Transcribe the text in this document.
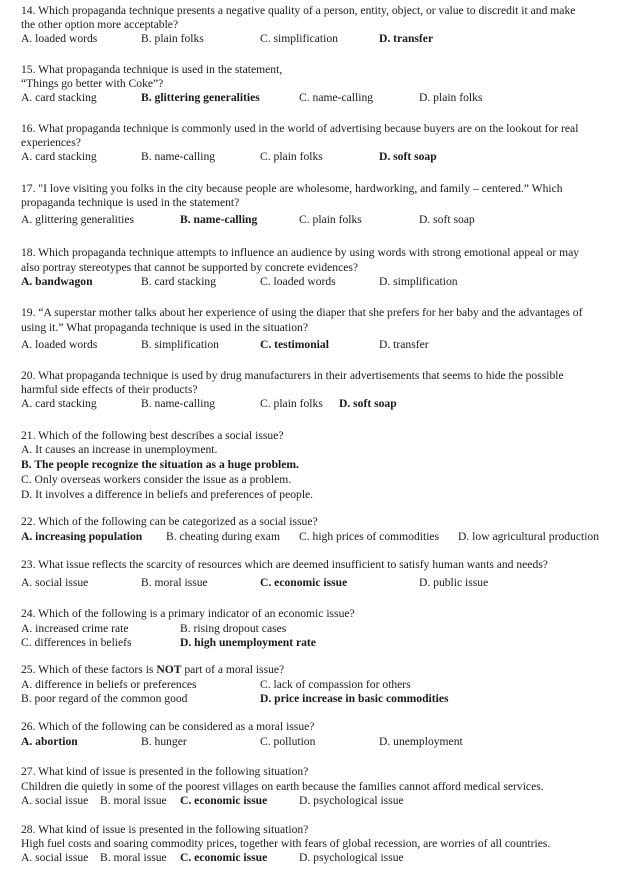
14. Which propaganda technique presents a negative quality of a person, entity, object, or value to discredit it and make
the other option more acceptable?
A. loaded words	B. plain folks	C. simplification	D. transfer
15. What propaganda technique is used in the statement,
“Things go better with Coke”?
A. card stacking	B. glittering generalities	C. name-calling	D. plain folks
16. What propaganda technique is commonly used in the world of advertising because buyers are on the lookout for real
experiences?
A. card stacking	B. name-calling	C. plain folks	D. soft soap
17. "I love visiting you folks in the city because people are wholesome, hardworking, and family – centered.” Which
propaganda technique is used in the statement?
A. glittering generalities	B. name-calling	C. plain folks	D. soft soap
18. Which propaganda technique attempts to influence an audience by using words with strong emotional appeal or may
also portray stereotypes that cannot be supported by concrete evidences?
A. bandwagon	B. card stacking	C. loaded words	D. simplification
19. “A superstar mother talks about her experience of using the diaper that she prefers for her baby and the advantages of
using it.” What propaganda technique is used in the situation?
A. loaded words	B. simplification	C. testimonial	D. transfer
20. What propaganda technique is used by drug manufacturers in their advertisements that seems to hide the possible
harmful side effects of their products?
A. card stacking	B. name-calling	C. plain folks D. soft soap
21. Which of the following best describes a social issue?
A. It causes an increase in unemployment.
B. The people recognize the situation as a huge problem.
C. Only overseas workers consider the issue as a problem.
D. It involves a difference in beliefs and preferences of people.
22. Which of the following can be categorized as a social issue?
A. increasing population B. cheating during exam C. high prices of commodities D. low agricultural production
23. What issue reflects the scarcity of resources which are deemed insufficient to satisfy human wants and needs?
A. social issue	B. moral issue	C. economic issue	D. public issue
24. Which of the following is a primary indicator of an economic issue?
A. increased crime rate	B. rising dropout cases
C. differences in beliefs	D. high unemployment rate
25. Which of these factors is NOT part of a moral issue?
A. difference in beliefs or preferences	C. lack of compassion for others
B. poor regard of the common good	D. price increase in basic commodities
26. Which of the following can be considered as a moral issue?
A. abortion	B. hunger	C. pollution	D. unemployment
27. What kind of issue is presented in the following situation?
Children die quietly in some of the poorest villages on earth because the families cannot afford medical services.
A. social issue B. moral issue C. economic issue	D. psychological issue
28. What kind of issue is presented in the following situation?
High fuel costs and soaring commodity prices, together with fears of global recession, are worries of all countries.
A. social issue B. moral issue C. economic issue	D. psychological issue
